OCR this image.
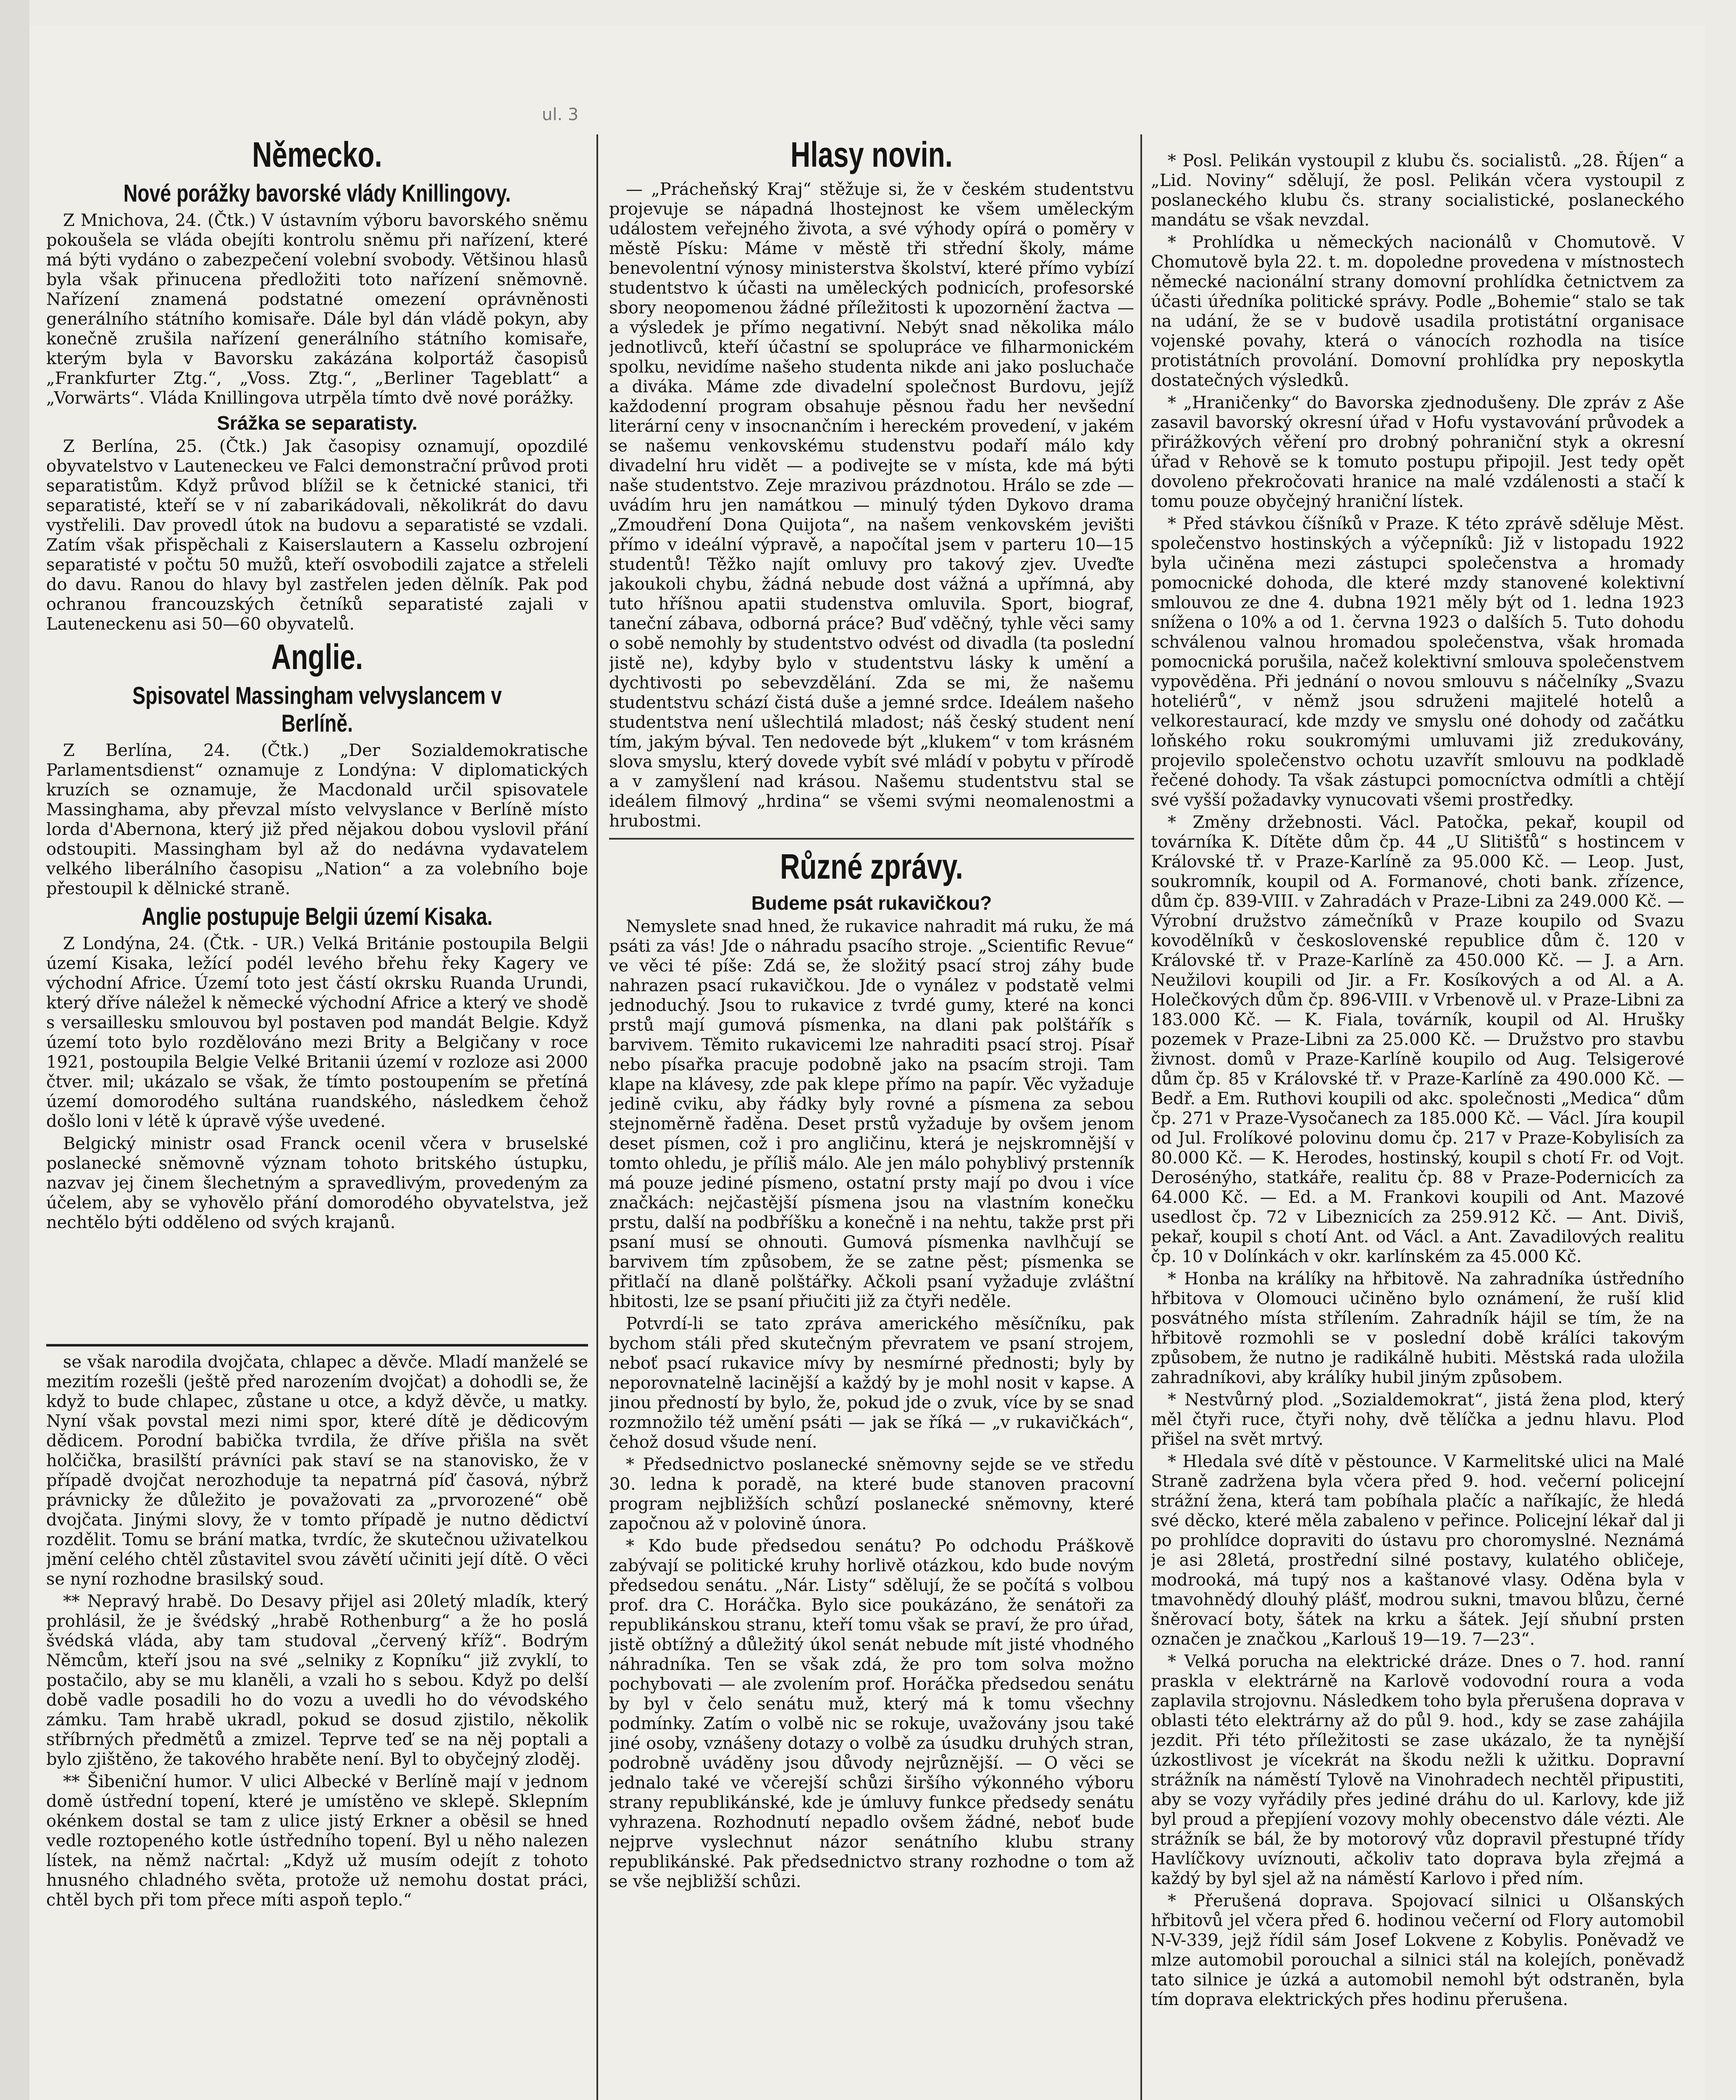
ul. 3
Německo.
Nové porážky bavorské vlády Knillingovy.

Z Mnichova, 24. (Čtk.) V ústavním výboru bavorského sněmu pokoušela se vláda obejíti kontrolu sněmu při nařízení, které má býti vydáno o zabezpečení volební svobody. Většinou hlasů byla však přinucena předložiti toto nařízení sněmovně. Nařízení znamená podstatné omezení oprávněnosti generálního státního komisaře. Dále byl dán vládě pokyn, aby konečně zrušila nařízení generálního státního komisaře, kterým byla v Bavorsku zakázána kolportáž časopisů „Frankfurter Ztg.“, „Voss. Ztg.“, „Berliner Tageblatt“ a „Vorwärts“. Vláda Knillingova utrpěla tímto dvě nové porážky.

Srážka se separatisty.

Z Berlína, 25. (Čtk.) Jak časopisy oznamují, opozdilé obyvatelstvo v Lauteneckeu ve Falci demonstrační průvod proti separatistům. Když průvod blížil se k četnické stanici, tři separatisté, kteří se v ní zabarikádovali, několikrát do davu vystřelili. Dav provedl útok na budovu a separatisté se vzdali. Zatím však přispěchali z Kaiserslautern a Kasselu ozbrojení separatisté v počtu 50 mužů, kteří osvobodili zajatce a střeleli do davu. Ranou do hlavy byl zastřelen jeden dělník. Pak pod ochranou francouzských četníků separatisté zajali v Lauteneckenu asi 50—60 obyvatelů.

Anglie.
Spisovatel Massingham velvyslancem v Berlíně.

Z Berlína, 24. (Čtk.) „Der Sozialdemokratische Parlamentsdienst“ oznamuje z Londýna: V diplomatických kruzích se oznamuje, že Macdonald určil spisovatele Massinghama, aby převzal místo velvyslance v Berlíně místo lorda d'Abernona, který již před nějakou dobou vyslovil přání odstoupiti. Massingham byl až do nedávna vydavatelem velkého liberálního časopisu „Nation“ a za volebního boje přestoupil k dělnické straně.

Anglie postupuje Belgii území Kisaka.

Z Londýna, 24. (Čtk. - UR.) Velká Británie postoupila Belgii území Kisaka, ležící podél levého břehu řeky Kagery ve východní Africe. Území toto jest částí okrsku Ruanda Urundi, který dříve náležel k německé východní Africe a který ve shodě s versaillesku smlouvou byl postaven pod mandát Belgie. Když území toto bylo rozdělováno mezi Brity a Belgičany v roce 1921, postoupila Belgie Velké Britanii území v rozloze asi 2000 čtver. mil; ukázalo se však, že tímto postoupením se přetíná území domorodého sultána ruandského, následkem čehož došlo loni v létě k úpravě výše uvedené.

Belgický ministr osad Franck ocenil včera v bruselské poslanecké sněmovně význam tohoto britského ústupku, nazvav jej činem šlechetným a spravedlivým, provedeným za účelem, aby se vyhovělo přání domorodého obyvatelstva, jež nechtělo býti odděleno od svých krajanů.

se však narodila dvojčata, chlapec a děvče. Mladí manželé se mezitím rozešli (ještě před narozením dvojčat) a dohodli se, že když to bude chlapec, zůstane u otce, a když děvče, u matky. Nyní však povstal mezi nimi spor, které dítě je dědicovým dědicem. Porodní babička tvrdila, že dříve přišla na svět holčička, brasilští právníci pak staví se na stanovisko, že v případě dvojčat nerozhoduje ta nepatrná píď časová, nýbrž právnicky že důležito je považovati za „prvorozené“ obě dvojčata. Jinými slovy, že v tomto případě je nutno dědictví rozdělit. Tomu se brání matka, tvrdíc, že skutečnou uživatelkou jmění celého chtěl zůstavitel svou závětí učiniti její dítě. O věci se nyní rozhodne brasilský soud.

** Nepravý hrabě. Do Desavy přijel asi 20letý mladík, který prohlásil, že je švédský „hrabě Rothenburg“ a že ho poslá švédská vláda, aby tam studoval „červený kříž“. Bodrým Němcům, kteří jsou na své „selniky z Kopníku“ již zvyklí, to postačilo, aby se mu klaněli, a vzali ho s sebou. Když po delší době vadle posadili ho do vozu a uvedli ho do vévodského zámku. Tam hrabě ukradl, pokud se dosud zjistilo, několik stříbrných předmětů a zmizel. Teprve teď se na něj poptali a bylo zjištěno, že takového hraběte není. Byl to obyčejný zloděj.

** Šibeniční humor. V ulici Albecké v Berlíně mají v jednom domě ústřední topení, které je umístěno ve sklepě. Sklepním okénkem dostal se tam z ulice jistý Erkner a oběsil se hned vedle roztopeného kotle ústředního topení. Byl u něho nalezen lístek, na němž načrtal: „Když už musím odejít z tohoto hnusného chladného světa, protože už nemohu dostat práci, chtěl bych při tom přece míti aspoň teplo.“

Hlasy novin.

— „Prácheňský Kraj“ stěžuje si, že v českém studentstvu projevuje se nápadná lhostejnost ke všem uměleckým událostem veřejného života, a své výhody opírá o poměry v městě Písku: Máme v městě tři střední školy, máme benevolentní výnosy ministerstva školství, které přímo vybízí studentstvo k účasti na uměleckých podnicích, profesorské sbory neopomenou žádné příležitosti k upozornění žactva — a výsledek je přímo negativní. Nebýt snad několika málo jednotlivců, kteří účastní se spolupráce ve filharmonickém spolku, nevidíme našeho studenta nikde ani jako posluchače a diváka. Máme zde divadelní společnost Burdovu, jejíž každodenní program obsahuje pěsnou řadu her nevšední literární ceny v insocnančním i hereckém provedení, v jakém se našemu venkovskému studenstvu podaří málo kdy divadelní hru vidět — a podivejte se v místa, kde má býti naše studentstvo. Zeje mrazivou prázdnotou. Hrálo se zde — uvádím hru jen namátkou — minulý týden Dykovo drama „Zmoudření Dona Quijota“, na našem venkovském jevišti přímo v ideální výpravě, a napočítal jsem v parteru 10—15 studentů! Těžko najít omluvy pro takový zjev. Uveďte jakoukoli chybu, žádná nebude dost vážná a upřímná, aby tuto hříšnou apatii studenstva omluvila. Sport, biograf, taneční zábava, odborná práce? Buď vděčný, tyhle věci samy o sobě nemohly by studentstvo odvést od divadla (ta poslední jistě ne), kdyby bylo v studentstvu lásky k umění a dychtivosti po sebevzdělání. Zda se mi, že našemu studentstvu schází čistá duše a jemné srdce. Ideálem našeho studentstva není ušlechtilá mladost; náš český student není tím, jakým býval. Ten nedovede být „klukem“ v tom krásném slova smyslu, který dovede vybít své mládí v pobytu v přírodě a v zamyšlení nad krásou. Našemu studentstvu stal se ideálem filmový „hrdina“ se všemi svými neomalenostmi a hrubostmi.

Různé zprávy.
Budeme psát rukavičkou?

Nemyslete snad hned, že rukavice nahradit má ruku, že má psáti za vás! Jde o náhradu psacího stroje. „Scientific Revue“ ve věci té píše: Zdá se, že složitý psací stroj záhy bude nahrazen psací rukavičkou. Jde o vynález v podstatě velmi jednoduchý. Jsou to rukavice z tvrdé gumy, které na konci prstů mají gumová písmenka, na dlani pak polštářík s barvivem. Těmito rukavicemi lze nahraditi psací stroj. Písař nebo písařka pracuje podobně jako na psacím stroji. Tam klape na klávesy, zde pak klepe přímo na papír. Věc vyžaduje jedině cviku, aby řádky byly rovné a písmena za sebou stejnoměrně řaděna. Deset prstů vyžaduje by ovšem jenom deset písmen, což i pro angličinu, která je nejskromnější v tomto ohledu, je příliš málo. Ale jen málo pohyblivý prstenník má pouze jediné písmeno, ostatní prsty mají po dvou i více značkách: nejčastější písmena jsou na vlastním konečku prstu, další na podbříšku a konečně i na nehtu, takže prst při psaní musí se ohnouti. Gumová písmenka navlhčují se barvivem tím způsobem, že se zatne pěst; písmenka se přitlačí na dlaně polštářky. Ačkoli psaní vyžaduje zvláštní hbitosti, lze se psaní přiučiti již za čtyři neděle.

Potvrdí-li se tato zpráva amerického měsíčníku, pak bychom stáli před skutečným převratem ve psaní strojem, neboť psací rukavice mívy by nesmírné přednosti; byly by neporovnatelně lacinější a každý by je mohl nosit v kapse. A jinou předností by bylo, že, pokud jde o zvuk, více by se snad rozmnožilo též umění psáti — jak se říká — „v rukavičkách“, čehož dosud všude není.

* Předsednictvo poslanecké sněmovny sejde se ve středu 30. ledna k poradě, na které bude stanoven pracovní program nejbližších schůzí poslanecké sněmovny, které započnou až v polovině února.

* Kdo bude předsedou senátu? Po odchodu Práškově zabývají se politické kruhy horlivě otázkou, kdo bude novým předsedou senátu. „Nár. Listy“ sdělují, že se počítá s volbou prof. dra C. Horáčka. Bylo sice poukázáno, že senátoři za republikánskou stranu, kteří tomu však se praví, že pro úřad, jistě obtížný a důležitý úkol senát nebude mít jisté vhodného náhradníka. Ten se však zdá, že pro tom solva možno pochybovati — ale zvolením prof. Horáčka předsedou senátu by byl v čelo senátu muž, který má k tomu všechny podmínky. Zatím o volbě nic se rokuje, uvažovány jsou také jiné osoby, vznášeny dotazy o volbě za úsudku druhých stran, podrobně uváděny jsou důvody nejrůznější. — O věci se jednalo také ve včerejší schůzi širšího výkonného výboru strany republikánské, kde je úmluvy funkce předsedy senátu vyhrazena. Rozhodnutí nepadlo ovšem žádné, neboť bude nejprve vyslechnut názor senátního klubu strany republikánské. Pak předsednictvo strany rozhodne o tom až se vše nejbližší schůzi.

* Posl. Pelikán vystoupil z klubu čs. socialistů. „28. Říjen“ a „Lid. Noviny“ sdělují, že posl. Pelikán včera vystoupil z poslaneckého klubu čs. strany socialistické, poslaneckého mandátu se však nevzdal.

* Prohlídka u německých nacionálů v Chomutově. V Chomutově byla 22. t. m. dopoledne provedena v místnostech německé nacionální strany domovní prohlídka četnictvem za účasti úředníka politické správy. Podle „Bohemie“ stalo se tak na udání, že se v budově usadila protistátní organisace vojenské povahy, která o vánocích rozhodla na tisíce protistátních provolání. Domovní prohlídka pry neposkytla dostatečných výsledků.

* „Hraničenky“ do Bavorska zjednodušeny. Dle zpráv z Aše zasavil bavorský okresní úřad v Hofu vystavování průvodek a přirážkových věření pro drobný pohraniční styk a okresní úřad v Rehově se k tomuto postupu připojil. Jest tedy opět dovoleno překročovati hranice na malé vzdálenosti a stačí k tomu pouze obyčejný hraniční lístek.

* Před stávkou číšníků v Praze. K této zprávě sděluje Měst. společenstvo hostinských a výčepníků: Již v listopadu 1922 byla učiněna mezi zástupci společenstva a hromady pomocnické dohoda, dle které mzdy stanovené kolektivní smlouvou ze dne 4. dubna 1921 měly být od 1. ledna 1923 snížena o 10% a od 1. června 1923 o dalších 5. Tuto dohodu schválenou valnou hromadou společenstva, však hromada pomocnická porušila, načež kolektivní smlouva společenstvem vypověděna. Při jednání o novou smlouvu s náčelníky „Svazu hoteliérů“, v němž jsou sdruženi majitelé hotelů a velkorestaurací, kde mzdy ve smyslu oné dohody od začátku loňského roku soukromými umluvami již zredukovány, projevilo společenstvo ochotu uzavřít smlouvu na podkladě řečené dohody. Ta však zástupci pomocníctva odmítli a chtějí své vyšší požadavky vynucovati všemi prostředky.

* Změny držebnosti. Václ. Patočka, pekař, koupil od továrníka K. Dítěte dům čp. 44 „U Slitišťů“ s hostincem v Královské tř. v Praze-Karlíně za 95.000 Kč. — Leop. Just, soukromník, koupil od A. Formanové, choti bank. zřízence, dům čp. 839-VIII. v Zahradách v Praze-Libni za 249.000 Kč. — Výrobní družstvo zámečníků v Praze koupilo od Svazu kovodělníků v československé republice dům č. 120 v Královské tř. v Praze-Karlíně za 450.000 Kč. — J. a Arn. Neužilovi koupili od Jir. a Fr. Kosíkových a od Al. a A. Holečkových dům čp. 896-VIII. v Vrbenově ul. v Praze-Libni za 183.000 Kč. — K. Fiala, továrník, koupil od Al. Hrušky pozemek v Praze-Libni za 25.000 Kč. — Družstvo pro stavbu živnost. domů v Praze-Karlíně koupilo od Aug. Telsigerové dům čp. 85 v Královské tř. v Praze-Karlíně za 490.000 Kč. — Bedř. a Em. Ruthovi koupili od akc. společnosti „Medica“ dům čp. 271 v Praze-Vysočanech za 185.000 Kč. — Václ. Jíra koupil od Jul. Frolíkové polovinu domu čp. 217 v Praze-Kobylisích za 80.000 Kč. — K. Herodes, hostinský, koupil s chotí Fr. od Vojt. Derosénýho, statkáře, realitu čp. 88 v Praze-Podernicích za 64.000 Kč. — Ed. a M. Frankovi koupili od Ant. Mazové usedlost čp. 72 v Libeznicích za 259.912 Kč. — Ant. Diviš, pekař, koupil s chotí Ant. od Václ. a Ant. Zavadilových realitu čp. 10 v Dolínkách v okr. karlínském za 45.000 Kč.

* Honba na králíky na hřbitově. Na zahradníka ústředního hřbitova v Olomouci učiněno bylo oznámení, že ruší klid posvátného místa střílením. Zahradník hájil se tím, že na hřbitově rozmohli se v poslední době králíci takovým způsobem, že nutno je radikálně hubiti. Městská rada uložila zahradníkovi, aby králíky hubil jiným způsobem.

* Nestvůrný plod. „Sozialdemokrat“, jistá žena plod, který měl čtyři ruce, čtyři nohy, dvě tělíčka a jednu hlavu. Plod přišel na svět mrtvý.

* Hledala své dítě v pěstounce. V Karmelitské ulici na Malé Straně zadržena byla včera před 9. hod. večerní policejní strážní žena, která tam pobíhala plačíc a naříkajíc, že hledá své děcko, které měla zabaleno v peřince. Policejní lékař dal ji po prohlídce dopraviti do ústavu pro choromyslné. Neznámá je asi 28letá, prostřední silné postavy, kulatého obličeje, modrooká, má tupý nos a kaštanové vlasy. Oděna byla v tmavohnědý dlouhý plášť, modrou sukni, tmavou blůzu, černé šněrovací boty, šátek na krku a šátek. Její sňubní prsten označen je značkou „Karlouš 19—19. 7—23“.

* Velká porucha na elektrické dráze. Dnes o 7. hod. ranní praskla v elektrárně na Karlově vodovodní roura a voda zaplavila strojovnu. Následkem toho byla přerušena doprava v oblasti této elektrárny až do půl 9. hod., kdy se zase zahájila jezdit. Při této příležitosti se zase ukázalo, že ta nynější úzkostlivost je vícekrát na škodu nežli k užitku. Dopravní strážník na náměstí Tylově na Vinohradech nechtěl připustiti, aby se vozy vyřádily přes jediné dráhu do ul. Karlovy, kde již byl proud a přepjíení vozovy mohly obecenstvo dále vézti. Ale strážník se bál, že by motorový vůz dopravil přestupné třídy Havlíčkovy uvíznouti, ačkoliv tato doprava byla zřejmá a každý by byl sjel až na náměstí Karlovo i před ním.

* Přerušená doprava. Spojovací silnici u Olšanských hřbitovů jel včera před 6. hodinou večerní od Flory automobil N-V-339, jejž řídil sám Josef Lokvene z Kobylis. Poněvadž ve mlze automobil porouchal a silnici stál na kolejích, poněvadž tato silnice je úzká a automobil nemohl být odstraněn, byla tím doprava elektrických přes hodinu přerušena.
